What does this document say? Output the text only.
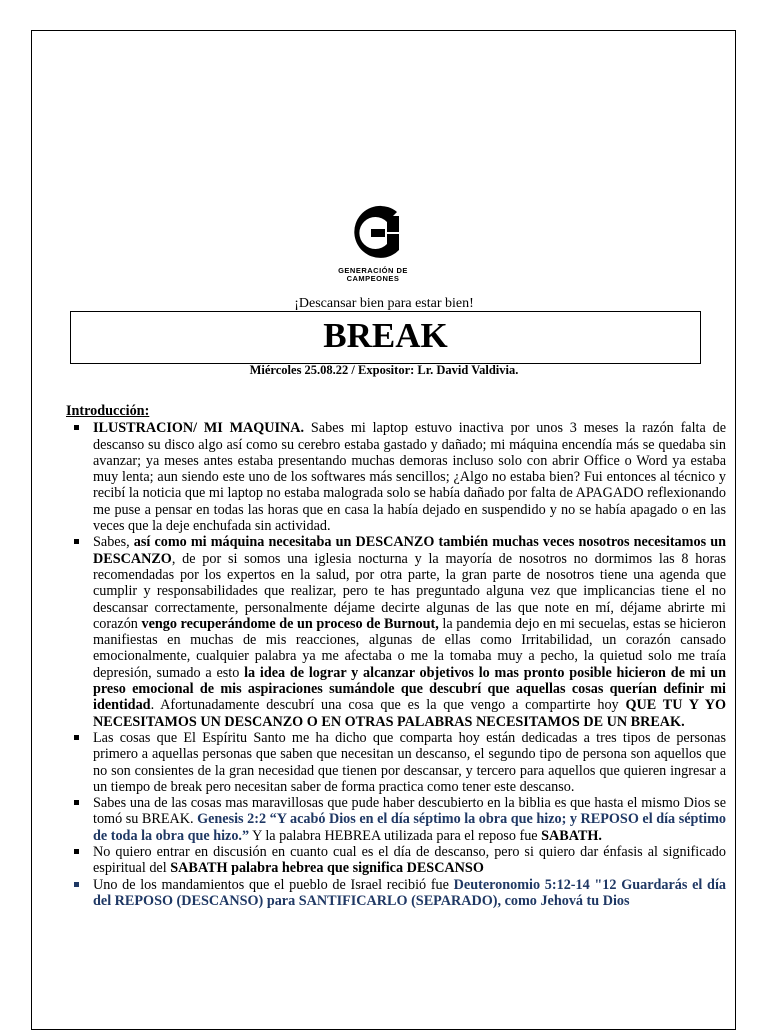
GENERACIÓN DE
CAMPEONES
¡Descansar bien para estar bien!
BREAK
Miércoles 25.08.22 / Expositor: Lr. David Valdivia.
Introducción:
ILUSTRACION/ MI MAQUINA. Sabes mi laptop estuvo inactiva por unos 3 meses la razón falta de descanso su disco algo así como su cerebro estaba gastado y dañado; mi máquina encendía más se quedaba sin avanzar; ya meses antes estaba presentando muchas demoras incluso solo con abrir Office o Word ya estaba muy lenta; aun siendo este uno de los softwares más sencillos; ¿Algo no estaba bien? Fui entonces al técnico y recibí la noticia que mi laptop no estaba malograda solo se había dañado por falta de APAGADO reflexionando me puse a pensar en todas las horas que en casa la había dejado en suspendido y no se había apagado o en las veces que la deje enchufada sin actividad.
Sabes, así como mi máquina necesitaba un DESCANZO también muchas veces nosotros necesitamos un DESCANZO, de por si somos una iglesia nocturna y la mayoría de nosotros no dormimos las 8 horas recomendadas por los expertos en la salud, por otra parte, la gran parte de nosotros tiene una agenda que cumplir y responsabilidades que realizar, pero te has preguntado alguna vez que implicancias tiene el no descansar correctamente, personalmente déjame decirte algunas de las que note en mí, déjame abrirte mi corazón vengo recuperándome de un proceso de Burnout, la pandemia dejo en mi secuelas, estas se hicieron manifiestas en muchas de mis reacciones, algunas de ellas como Irritabilidad, un corazón cansado emocionalmente, cualquier palabra ya me afectaba o me la tomaba muy a pecho, la quietud solo me traía depresión, sumado a esto la idea de lograr y alcanzar objetivos lo mas pronto posible hicieron de mi un preso emocional de mis aspiraciones sumándole que descubrí que aquellas cosas querían definir mi identidad. Afortunadamente descubrí una cosa que es la que vengo a compartirte hoy QUE TU Y YO NECESITAMOS UN DESCANZO O EN OTRAS PALABRAS NECESITAMOS DE UN BREAK.
Las cosas que El Espíritu Santo me ha dicho que comparta hoy están dedicadas a tres tipos de personas primero a aquellas personas que saben que necesitan un descanso, el segundo tipo de persona son aquellos que no son consientes de la gran necesidad que tienen por descansar, y tercero para aquellos que quieren ingresar a un tiempo de break pero necesitan saber de forma practica como tener este descanso.
Sabes una de las cosas mas maravillosas que pude haber descubierto en la biblia es que hasta el mismo Dios se tomó su BREAK. Genesis 2:2 “Y acabó Dios en el día séptimo la obra que hizo; y REPOSO el día séptimo de toda la obra que hizo.” Y la palabra HEBREA utilizada para el reposo fue SABATH.
No quiero entrar en discusión en cuanto cual es el día de descanso, pero si quiero dar énfasis al significado espiritual del SABATH palabra hebrea que significa DESCANSO
Uno de los mandamientos que el pueblo de Israel recibió fue Deuteronomio 5:12-14 "12 Guardarás el día del REPOSO (DESCANSO) para SANTIFICARLO (SEPARADO), como Jehová tu Dios
